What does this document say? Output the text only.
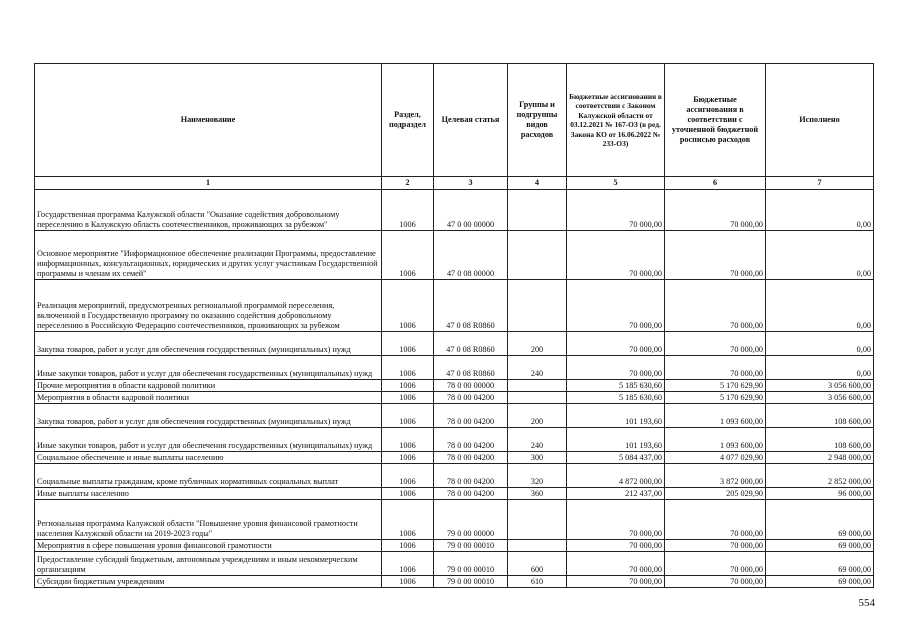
Наименование	Раздел, подраздел	Целевая статья	Группы и подгруппы видов расходов	Бюджетные ассигнования в соответствии с Законом Калужской области от 03.12.2021 № 167-ОЗ (в ред. Закона КО от 16.06.2022 № 233-ОЗ)	Бюджетные ассигнования в соответствии с уточненной бюджетной росписью расходов	Исполнено
1	2	3	4	5	6	7
Государственная программа Калужской области "Оказание содействия добровольному переселению в Калужскую область соотечественников, проживающих за рубежом"	1006	47 0 00 00000		70 000,00	70 000,00	0,00
Основное мероприятие "Информационное обеспечение реализации Программы, предоставление информационных, консультационных, юридических и других услуг участникам Государственной программы и членам их семей"	1006	47 0 08 00000		70 000,00	70 000,00	0,00
Реализация мероприятий, предусмотренных региональной программой переселения, включенной в Государственную программу по оказанию содействия добровольному переселению в Российскую Федерацию соотечественников, проживающих за рубежом	1006	47 0 08 R0860		70 000,00	70 000,00	0,00
Закупка товаров, работ и услуг для обеспечения государственных (муниципальных) нужд	1006	47 0 08 R0860	200	70 000,00	70 000,00	0,00
Иные закупки товаров, работ и услуг для обеспечения государственных (муниципальных) нужд	1006	47 0 08 R0860	240	70 000,00	70 000,00	0,00
Прочие мероприятия в области кадровой политики	1006	78 0 00 00000		5 185 630,60	5 170 629,90	3 056 600,00
Мероприятия в области кадровой политики	1006	78 0 00 04200		5 185 630,60	5 170 629,90	3 056 600,00
Закупка товаров, работ и услуг для обеспечения государственных (муниципальных) нужд	1006	78 0 00 04200	200	101 193,60	1 093 600,00	108 600,00
Иные закупки товаров, работ и услуг для обеспечения государственных (муниципальных) нужд	1006	78 0 00 04200	240	101 193,60	1 093 600,00	108 600,00
Социальное обеспечение и иные выплаты населению	1006	78 0 00 04200	300	5 084 437,00	4 077 029,90	2 948 000,00
Социальные выплаты гражданам, кроме публичных нормативных социальных выплат	1006	78 0 00 04200	320	4 872 000,00	3 872 000,00	2 852 000,00
Иные выплаты населению	1006	78 0 00 04200	360	212 437,00	205 029,90	96 000,00
Региональная программа Калужской области "Повышение уровня финансовой грамотности населения Калужской области на 2019-2023 годы"	1006	79 0 00 00000		70 000,00	70 000,00	69 000,00
Мероприятия в сфере повышения уровня финансовой грамотности	1006	79 0 00 00010		70 000,00	70 000,00	69 000,00
Предоставление субсидий бюджетным, автономным учреждениям и иным некоммерческим организациям	1006	79 0 00 00010	600	70 000,00	70 000,00	69 000,00
Субсидии бюджетным учреждениям	1006	79 0 00 00010	610	70 000,00	70 000,00	69 000,00
554
